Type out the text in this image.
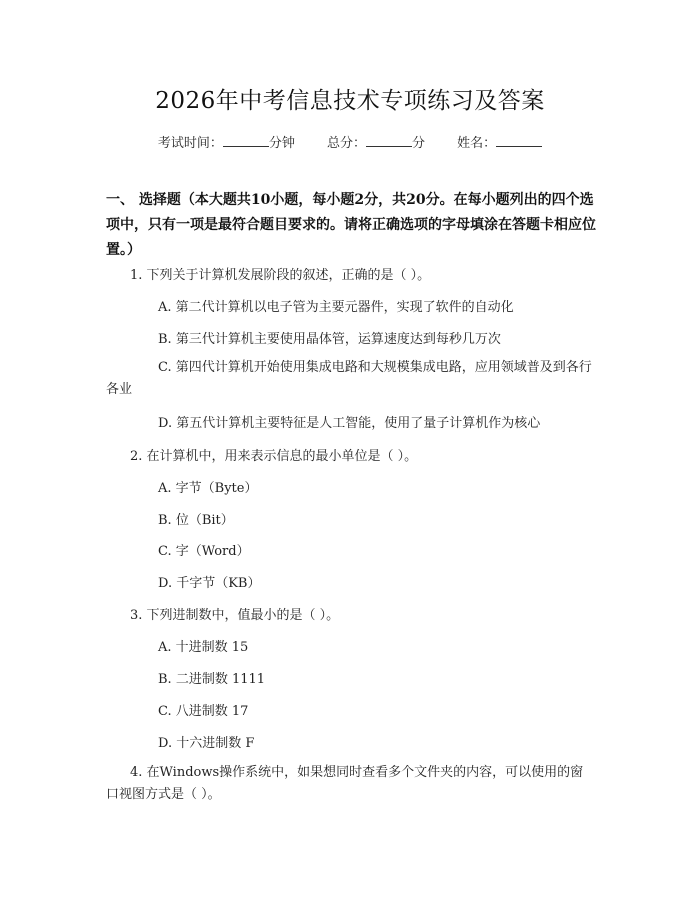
2026年中考信息技术专项练习及答案
考试时间：	分钟 总分：	分 姓名：
一、 选择题（本大题共10小题，每小题2分，共20分。在每小题列出的四个选项中，只有一项是最符合题目要求的。请将正确选项的字母填涂在答题卡相应位置。）
1. 下列关于计算机发展阶段的叙述，正确的是（ ）。
A. 第二代计算机以电子管为主要元器件，实现了软件的自动化
B. 第三代计算机主要使用晶体管，运算速度达到每秒几万次
C. 第四代计算机开始使用集成电路和大规模集成电路，应用领域普及到各行各业
D. 第五代计算机主要特征是人工智能，使用了量子计算机作为核心
2. 在计算机中，用来表示信息的最小单位是（ ）。
A. 字节（Byte）
B. 位（Bit）
C. 字（Word）
D. 千字节（KB）
3. 下列进制数中，值最小的是（ ）。
A. 十进制数 15
B. 二进制数 1111
C. 八进制数 17
D. 十六进制数 F
4. 在Windows操作系统中，如果想同时查看多个文件夹的内容，可以使用的窗口视图方式是（ ）。
